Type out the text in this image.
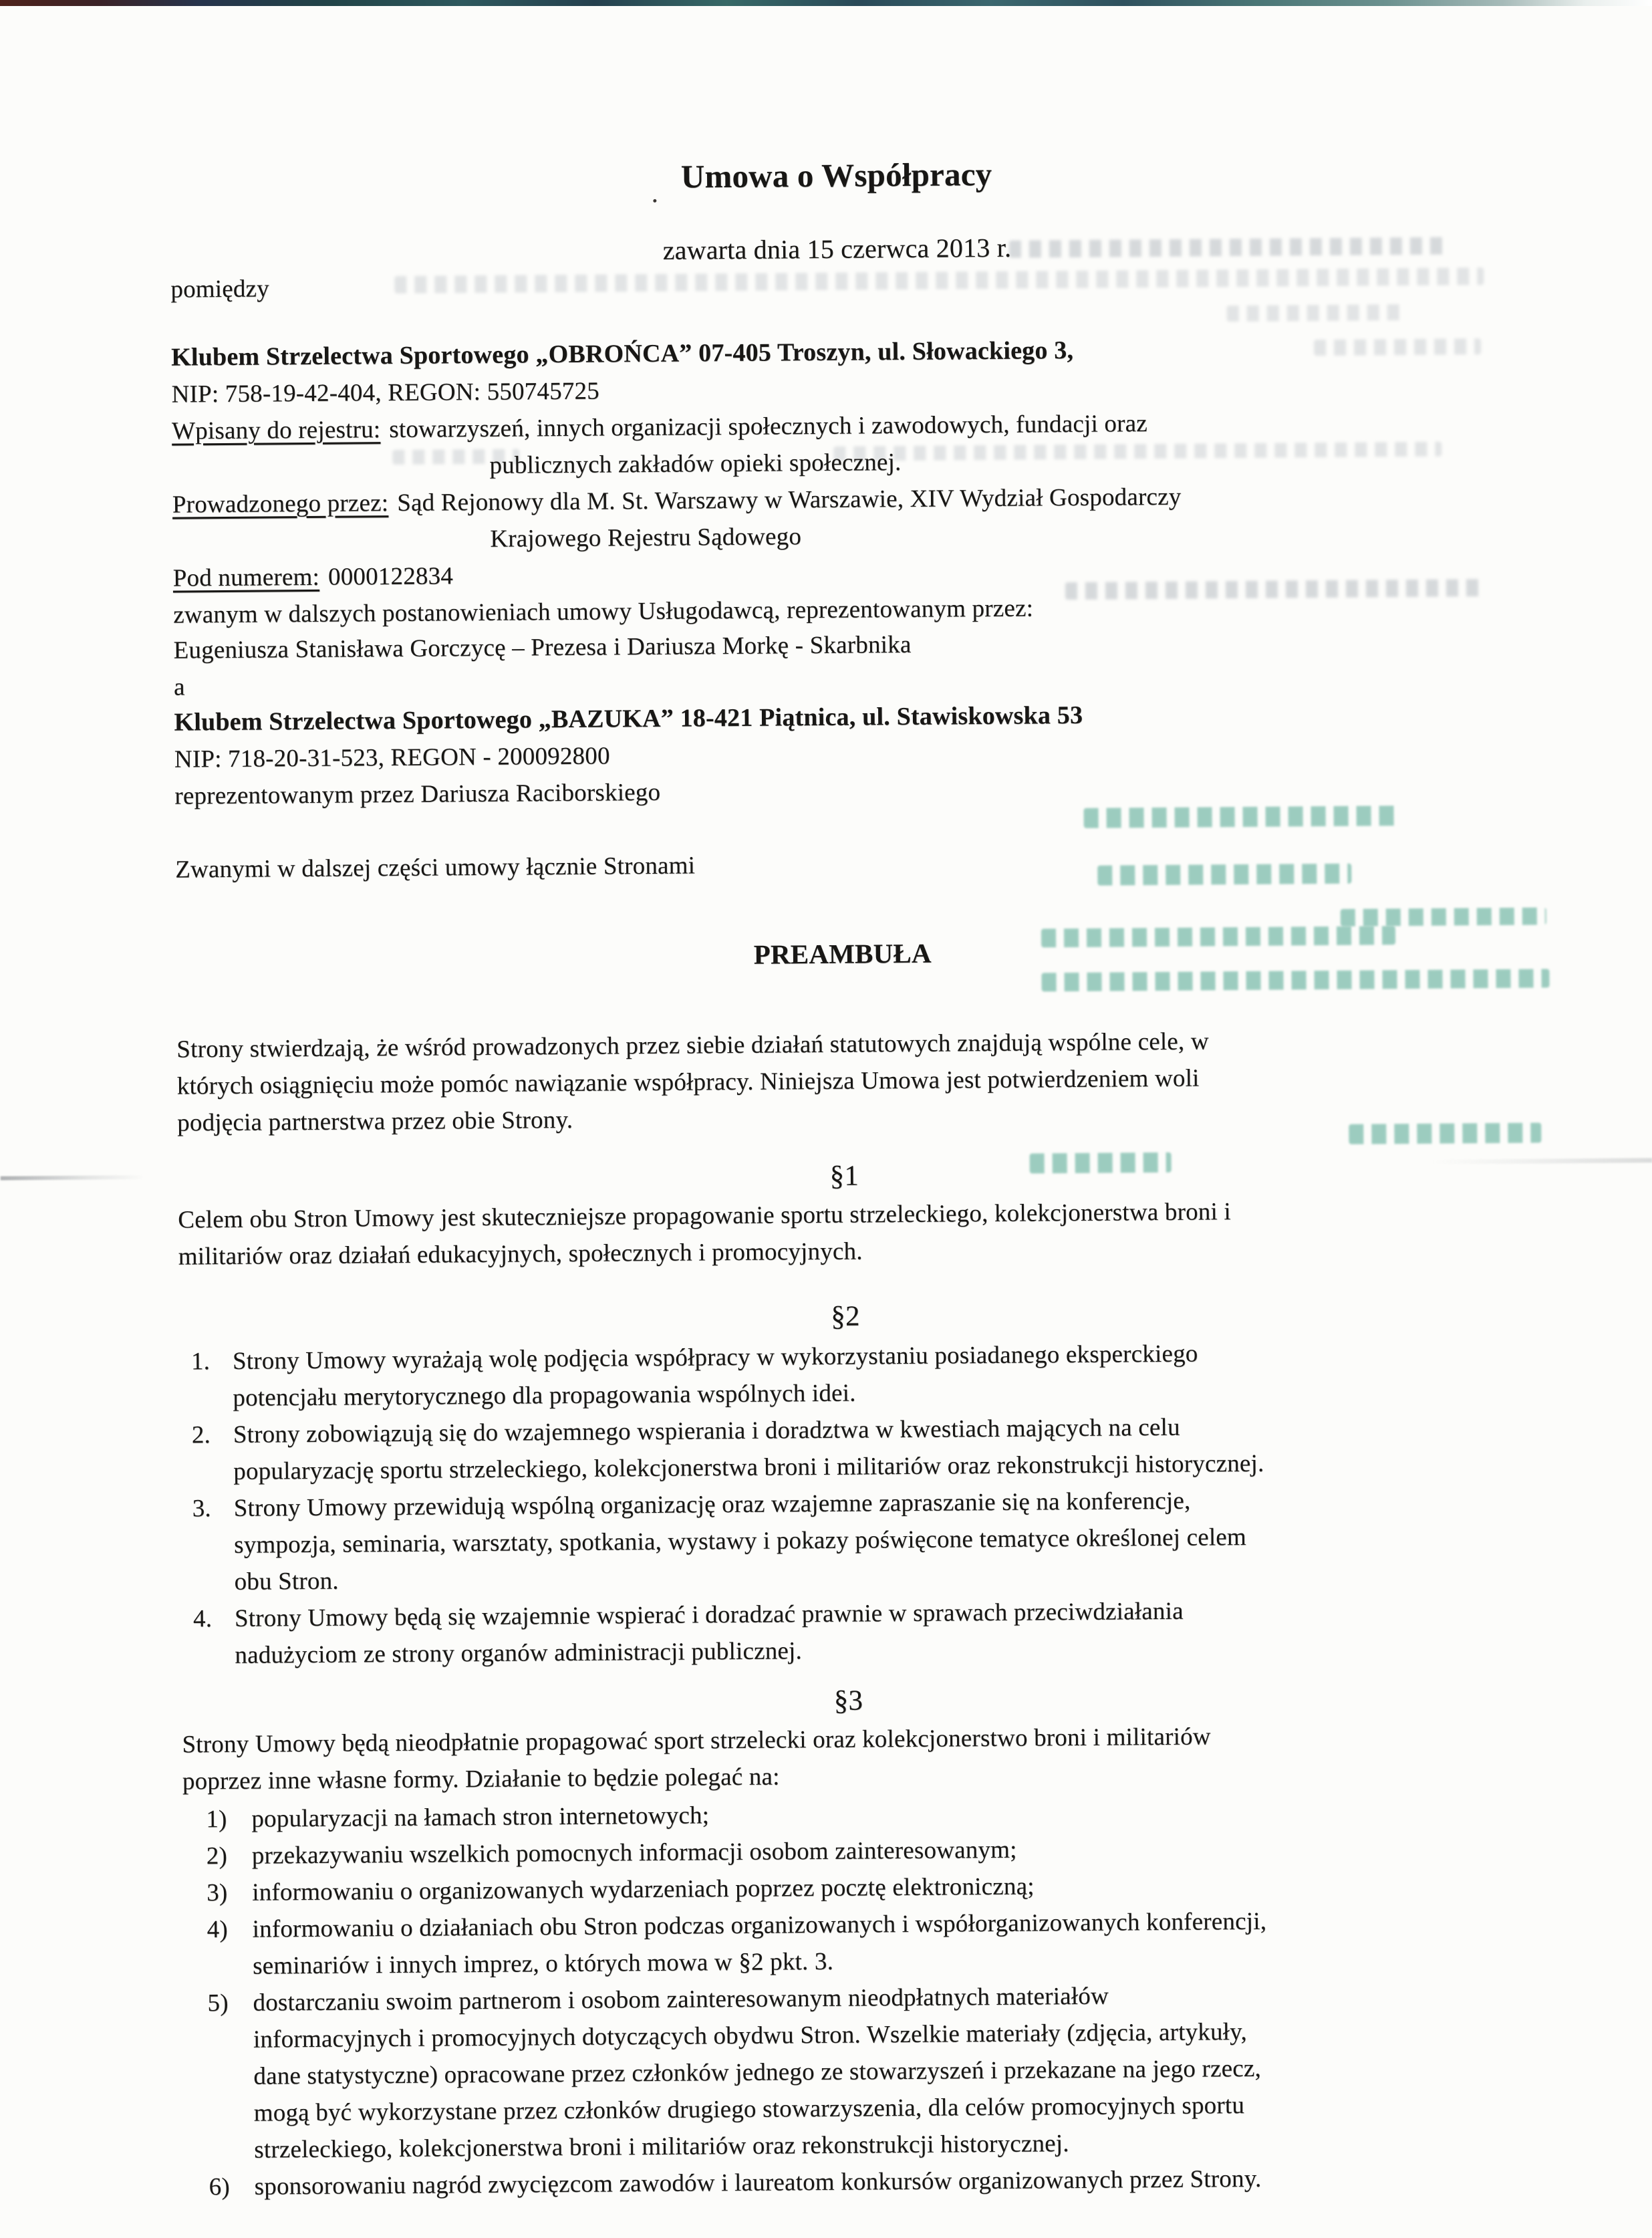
Umowa o Współpracy
zawarta dnia 15 czerwca 2013 r.
pomiędzy
Klubem Strzelectwa Sportowego „OBROŃCA” 07-405 Troszyn, ul. Słowackiego 3,
NIP: 758-19-42-404, REGON: 550745725
Wpisany do rejestru: stowarzyszeń, innych organizacji społecznych i zawodowych, fundacji oraz
publicznych zakładów opieki społecznej.
Prowadzonego przez: Sąd Rejonowy dla M. St. Warszawy w Warszawie, XIV Wydział Gospodarczy
Krajowego Rejestru Sądowego
Pod numerem: 0000122834
zwanym w dalszych postanowieniach umowy Usługodawcą, reprezentowanym przez:
Eugeniusza Stanisława Gorczycę – Prezesa i Dariusza Morkę - Skarbnika
a
Klubem Strzelectwa Sportowego „BAZUKA” 18-421 Piątnica, ul. Stawiskowska 53
NIP: 718-20-31-523, REGON - 200092800
reprezentowanym przez Dariusza Raciborskiego
Zwanymi w dalszej części umowy łącznie Stronami
PREAMBUŁA
Strony stwierdzają, że wśród prowadzonych przez siebie działań statutowych znajdują wspólne cele, w
których osiągnięciu może pomóc nawiązanie współpracy. Niniejsza Umowa jest potwierdzeniem woli
podjęcia partnerstwa przez obie Strony.
§1
Celem obu Stron Umowy jest skuteczniejsze propagowanie sportu strzeleckiego, kolekcjonerstwa broni i
militariów oraz działań edukacyjnych, społecznych i promocyjnych.
§2
1. Strony Umowy wyrażają wolę podjęcia współpracy w wykorzystaniu posiadanego eksperckiego
potencjału merytorycznego dla propagowania wspólnych idei.
2. Strony zobowiązują się do wzajemnego wspierania i doradztwa w kwestiach mających na celu
popularyzację sportu strzeleckiego, kolekcjonerstwa broni i militariów oraz rekonstrukcji historycznej.
3. Strony Umowy przewidują wspólną organizację oraz wzajemne zapraszanie się na konferencje,
sympozja, seminaria, warsztaty, spotkania, wystawy i pokazy poświęcone tematyce określonej celem
obu Stron.
4. Strony Umowy będą się wzajemnie wspierać i doradzać prawnie w sprawach przeciwdziałania
nadużyciom ze strony organów administracji publicznej.
§3
Strony Umowy będą nieodpłatnie propagować sport strzelecki oraz kolekcjonerstwo broni i militariów
poprzez inne własne formy. Działanie to będzie polegać na:
1) popularyzacji na łamach stron internetowych;
2) przekazywaniu wszelkich pomocnych informacji osobom zainteresowanym;
3) informowaniu o organizowanych wydarzeniach poprzez pocztę elektroniczną;
4) informowaniu o działaniach obu Stron podczas organizowanych i współorganizowanych konferencji,
seminariów i innych imprez, o których mowa w §2 pkt. 3.
5) dostarczaniu swoim partnerom i osobom zainteresowanym nieodpłatnych materiałów
informacyjnych i promocyjnych dotyczących obydwu Stron. Wszelkie materiały (zdjęcia, artykuły,
dane statystyczne) opracowane przez członków jednego ze stowarzyszeń i przekazane na jego rzecz,
mogą być wykorzystane przez członków drugiego stowarzyszenia, dla celów promocyjnych sportu
strzeleckiego, kolekcjonerstwa broni i militariów oraz rekonstrukcji historycznej.
6) sponsorowaniu nagród zwycięzcom zawodów i laureatom konkursów organizowanych przez Strony.
